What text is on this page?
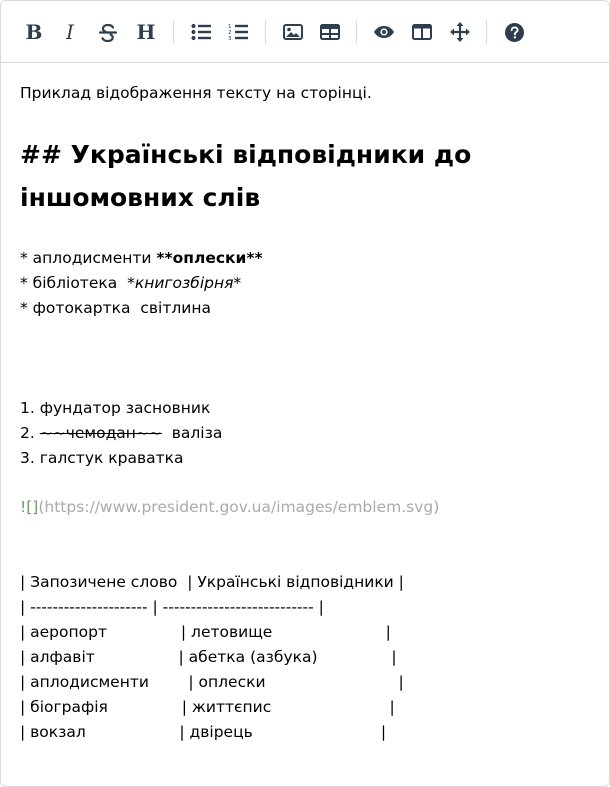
B I	H	1
2
3
Приклад відображення тексту на сторінці.
## Українські відповідники до
іншомовних слів
* аплодисменти **оплески**
* бібліотека  *книгозбірня*
* фотокартка  світлина
1. фундатор засновник
2. ~~чемодан~~  валіза
3. галстук краватка
![](https://www.president.gov.ua/images/emblem.svg)
| Запозичене слово  | Українські відповідники |
| --------------------- | --------------------------- |
| аеропорт               | летовище                       |
| алфавіт                 | абетка (азбука)               |
| аплодисменти        | оплески                           |
| біографія               | життєпис                        |
| вокзал                   | двірець                          |
